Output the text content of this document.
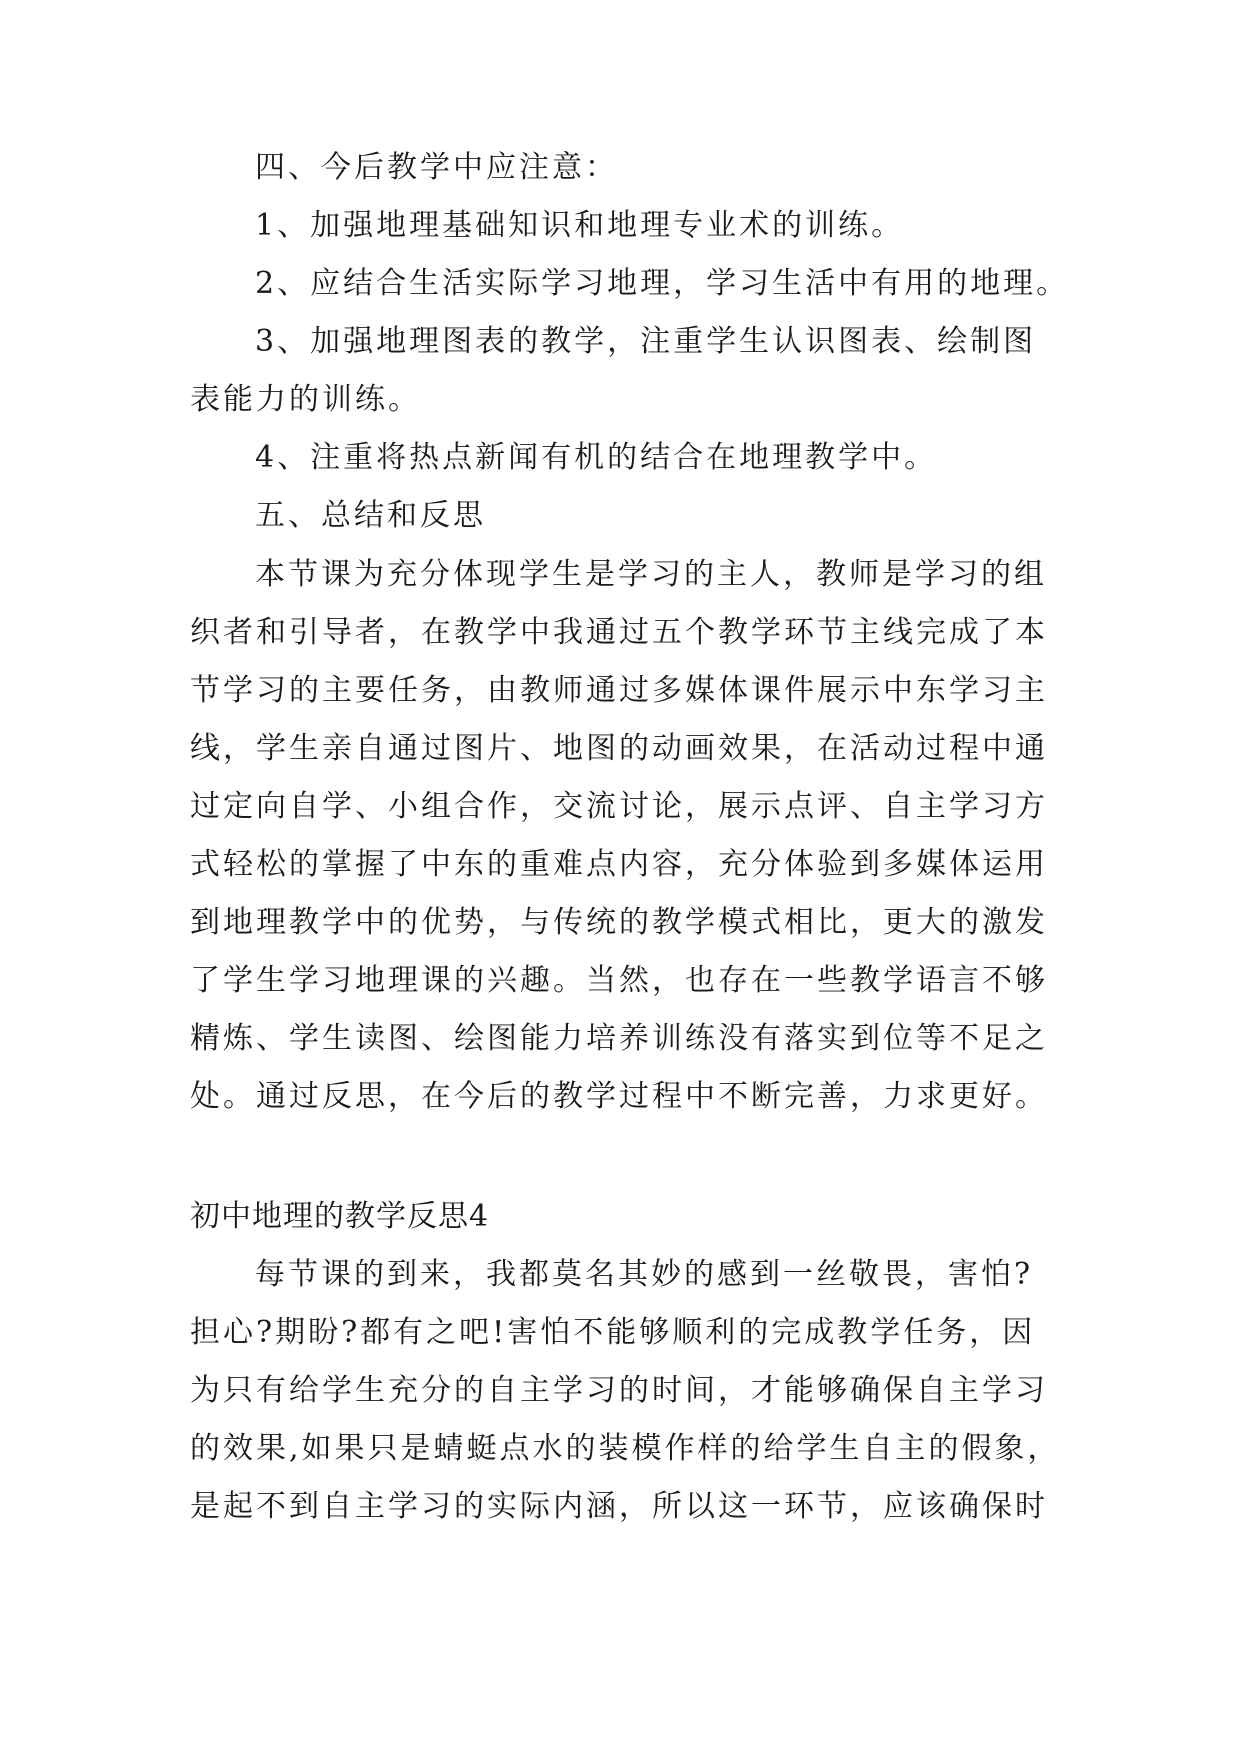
四、今后教学中应注意：
1、加强地理基础知识和地理专业术的训练。
2、应结合生活实际学习地理，学习生活中有用的地理。
3、加强地理图表的教学，注重学生认识图表、绘制图
表能力的训练。
4、注重将热点新闻有机的结合在地理教学中。
五、总结和反思
本节课为充分体现学生是学习的主人，教师是学习的组
织者和引导者，在教学中我通过五个教学环节主线完成了本
节学习的主要任务，由教师通过多媒体课件展示中东学习主
线，学生亲自通过图片、地图的动画效果，在活动过程中通
过定向自学、小组合作，交流讨论，展示点评、自主学习方
式轻松的掌握了中东的重难点内容，充分体验到多媒体运用
到地理教学中的优势，与传统的教学模式相比，更大的激发
了学生学习地理课的兴趣。当然，也存在一些教学语言不够
精炼、学生读图、绘图能力培养训练没有落实到位等不足之
处。通过反思，在今后的教学过程中不断完善，力求更好。
初中地理的教学反思4
每节课的到来，我都莫名其妙的感到一丝敬畏，害怕?
担心?期盼?都有之吧!害怕不能够顺利的完成教学任务，因
为只有给学生充分的自主学习的时间，才能够确保自主学习
的效果,如果只是蜻蜓点水的装模作样的给学生自主的假象，
是起不到自主学习的实际内涵，所以这一环节，应该确保时
